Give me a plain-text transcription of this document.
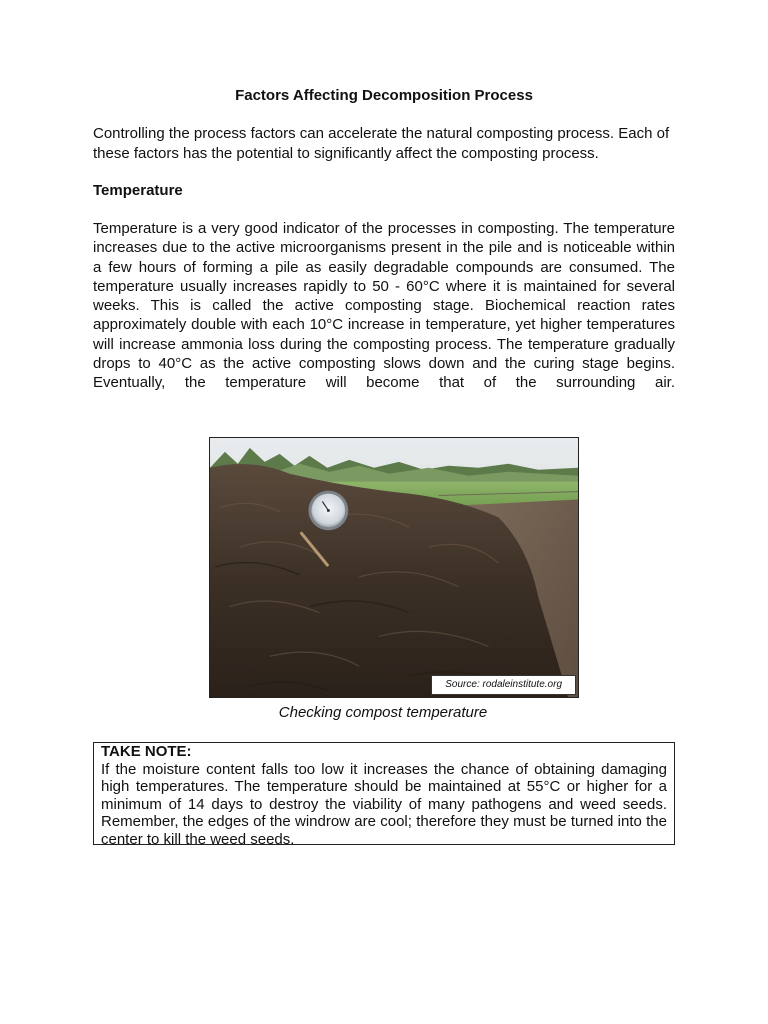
Factors Affecting Decomposition Process

Controlling the process factors can accelerate the natural composting process. Each of these factors has the potential to significantly affect the composting process.

Temperature

Temperature is a very good indicator of the processes in composting. The temperature increases due to the active microorganisms present in the pile and is noticeable within a few hours of forming a pile as easily degradable compounds are consumed. The temperature usually increases rapidly to 50 - 60°C where it is maintained for several weeks. This is called the active composting stage. Biochemical reaction rates approximately double with each 10°C increase in temperature, yet higher temperatures will increase ammonia loss during the composting process. The temperature gradually drops to 40°C as the active composting slows down and the curing stage begins. Eventually, the temperature will become that of the surrounding air.

Source: rodaleinstitute.org
Checking compost temperature

TAKE NOTE:

If the moisture content falls too low it increases the chance of obtaining damaging high temperatures. The temperature should be maintained at 55°C or higher for a minimum of 14 days to destroy the viability of many pathogens and weed seeds. Remember, the edges of the windrow are cool; therefore they must be turned into the center to kill the weed seeds.
